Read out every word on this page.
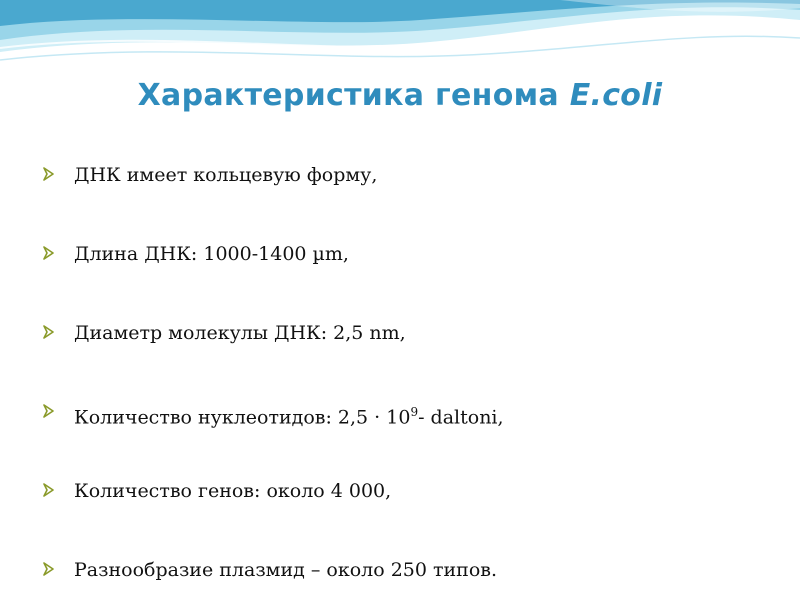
Характеристика генома E.coli
ДНК имеет кольцевую форму,
Длина ДНК: 1000-1400 µm,
Диаметр молекулы ДНК: 2,5 nm,
Количество нуклеотидов: $2,5 \cdot 10^9-$ daltoni,
Количество генов: около 4 000,
Разнообразие плазмид – около 250 типов.
